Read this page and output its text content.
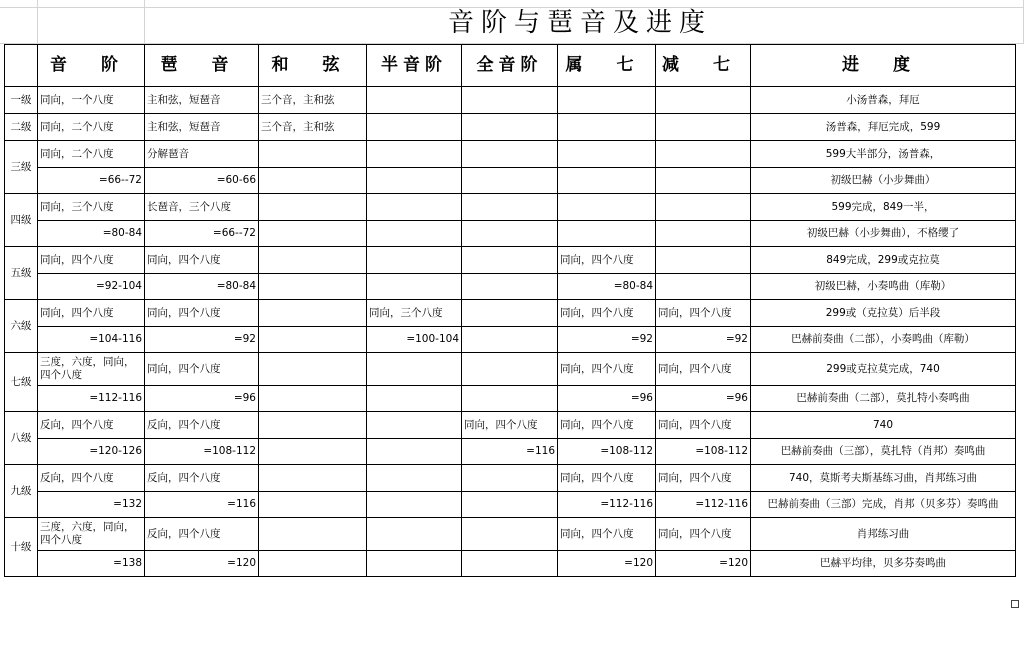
音阶与琶音及进度
	音 阶	琶 音	和 弦	半音阶	全音阶	属 七	减 七	进 度
一级	同向，一个八度	主和弦，短琶音	三个音，主和弦					小汤普森，拜厄
二级	同向，二个八度	主和弦，短琶音	三个音，主和弦					汤普森，拜厄完成，599
三级	同向，二个八度	分解琶音						599大半部分，汤普森，
	=66--72	=60-66						初级巴赫（小步舞曲）
四级	同向，三个八度	长琶音，三个八度						599完成，849一半，
	=80-84	=66--72						初级巴赫（小步舞曲），不格缨了
五级	同向，四个八度	同向，四个八度				同向，四个八度		849完成，299或克拉莫
	=92-104	=80-84				=80-84		初级巴赫，小奏鸣曲（库勒）
六级	同向，四个八度	同向，四个八度		同向，三个八度		同向，四个八度	同向，四个八度	299或（克拉莫）后半段
	=104-116	=92		=100-104		=92	=92	巴赫前奏曲（二部），小奏鸣曲（库勒）
七级	三度，六度，同向，四个八度	同向，四个八度				同向，四个八度	同向，四个八度	299或克拉莫完成，740
	=112-116	=96				=96	=96	巴赫前奏曲（二部），莫扎特小奏鸣曲
八级	反向，四个八度	反向，四个八度			同向，四个八度	同向，四个八度	同向，四个八度	740
	=120-126	=108-112			=116	=108-112	=108-112	巴赫前奏曲（三部），莫扎特（肖邦）奏鸣曲
九级	反向，四个八度	反向，四个八度				同向，四个八度	同向，四个八度	740，莫斯考夫斯基练习曲，肖邦练习曲
	=132	=116				=112-116	=112-116	巴赫前奏曲（三部）完成，肖邦（贝多芬）奏鸣曲
十级	三度，六度，同向，四个八度	反向，四个八度				同向，四个八度	同向，四个八度	肖邦练习曲
	=138	=120				=120	=120	巴赫平均律，贝多芬奏鸣曲
